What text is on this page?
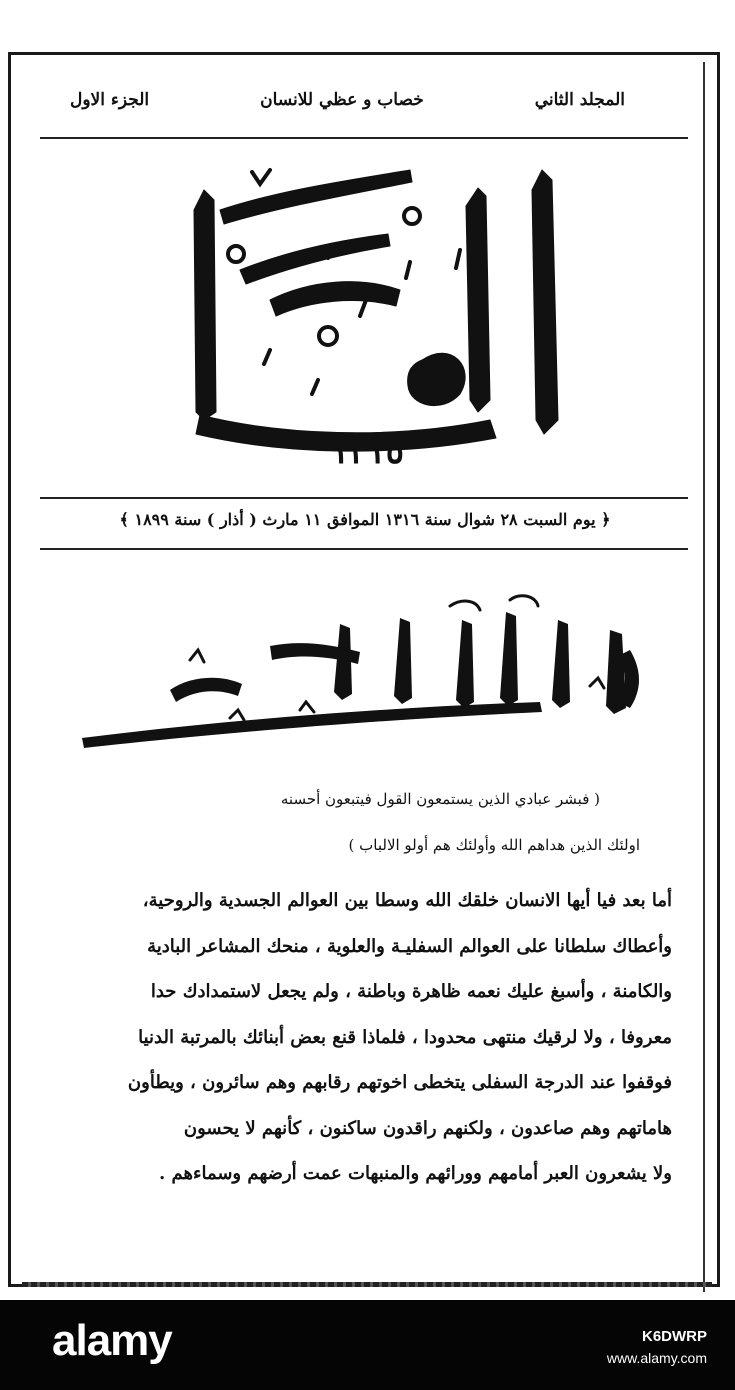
الجزء الاول	خصاب و عظي للانسان	المجلد الثاني
١٣١٥
﴿ يوم السبت ٢٨ شوال سنة ١٣١٦ الموافق ١١ مارث ( أذار ) سنة ١٨٩٩ ﴾
( فبشر عبادي الذين يستمعون القول فيتبعون أحسنه
اولئك الذين هداهم الله وأولئك هم أولو الالباب )
أما بعد فيا أيها الانسان خلقك الله وسطا بين العوالم الجسدية والروحية،
وأعطاك سلطانا على العوالم السفليـة والعلوية ، منحك المشاعر البادية
والكامنة ، وأسبغ عليك نعمه ظاهرة وباطنة ، ولم يجعل لاستمدادك حدا
معروفا ، ولا لرقيك منتهى محدودا ، فلماذا قنع بعض أبنائك بالمرتبة الدنيا
فوقفوا عند الدرجة السفلى يتخطى اخوتهم رقابهم وهم سائرون ، ويطأون
هاماتهم وهم صاعدون ، ولكنهم راقدون ساكنون ، كأنهم لا يحسون
ولا يشعرون العبر أمامهم وورائهم والمنبهات عمت أرضهم وسماءهم .
alamy	K6DWRP
www.alamy.com
